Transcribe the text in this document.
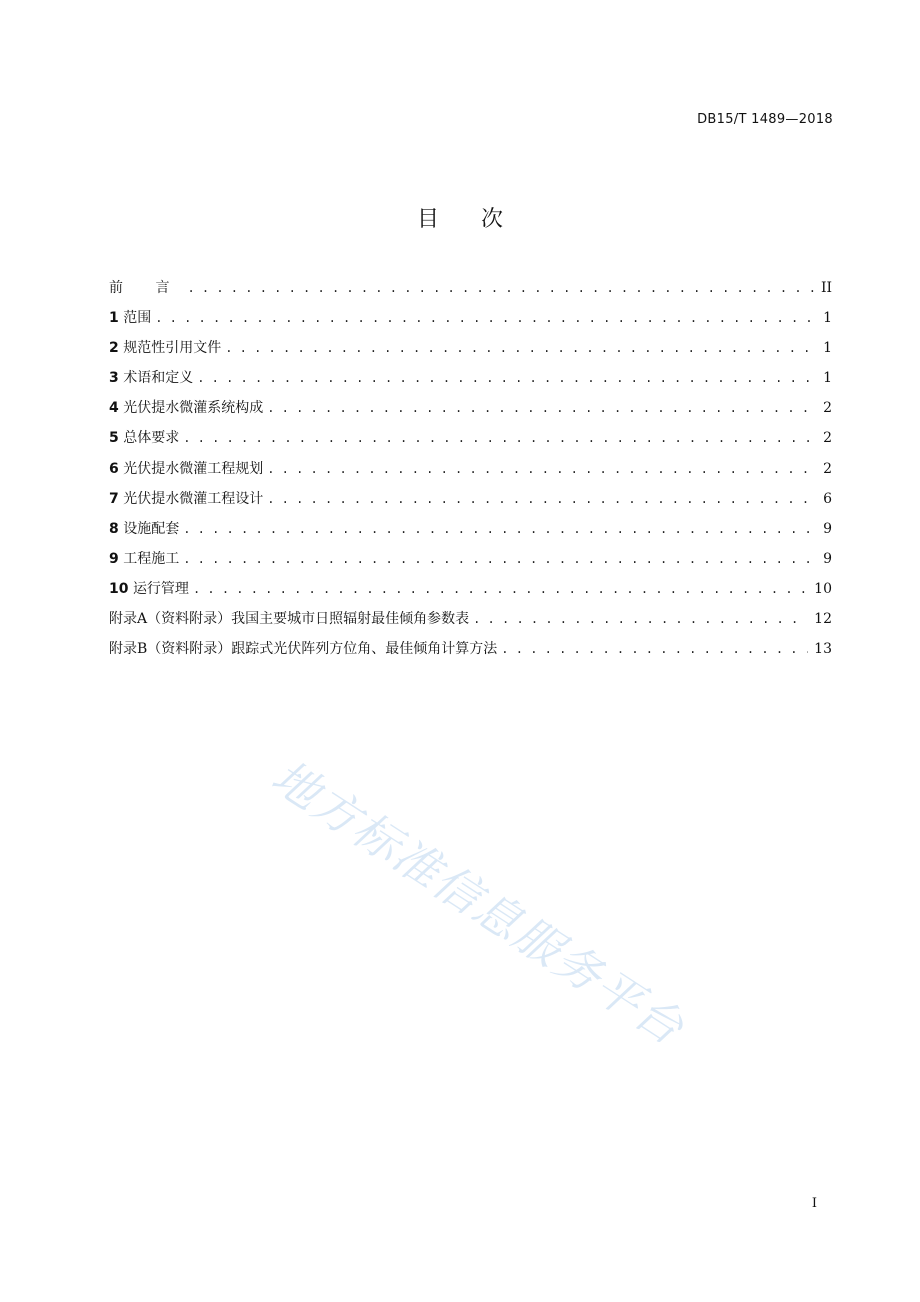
DB15/T 1489—2018
目次
前 言 . . .	II
1 范围 . . .	1
2 规范性引用文件 . . .	1
3 术语和定义 . . .	1
4 光伏提水微灌系统构成 . . .	2
5 总体要求 . . .	2
6 光伏提水微灌工程规划 . . .	2
7 光伏提水微灌工程设计 . . .	6
8 设施配套 . . .	9
9 工程施工 . . .	9
10 运行管理 . . .	10
附录A（资料附录）我国主要城市日照辐射最佳倾角参数表 . . .	12
附录B（资料附录）跟踪式光伏阵列方位角、最佳倾角计算方法 . . .	13
地方标准信息服务平台
I
